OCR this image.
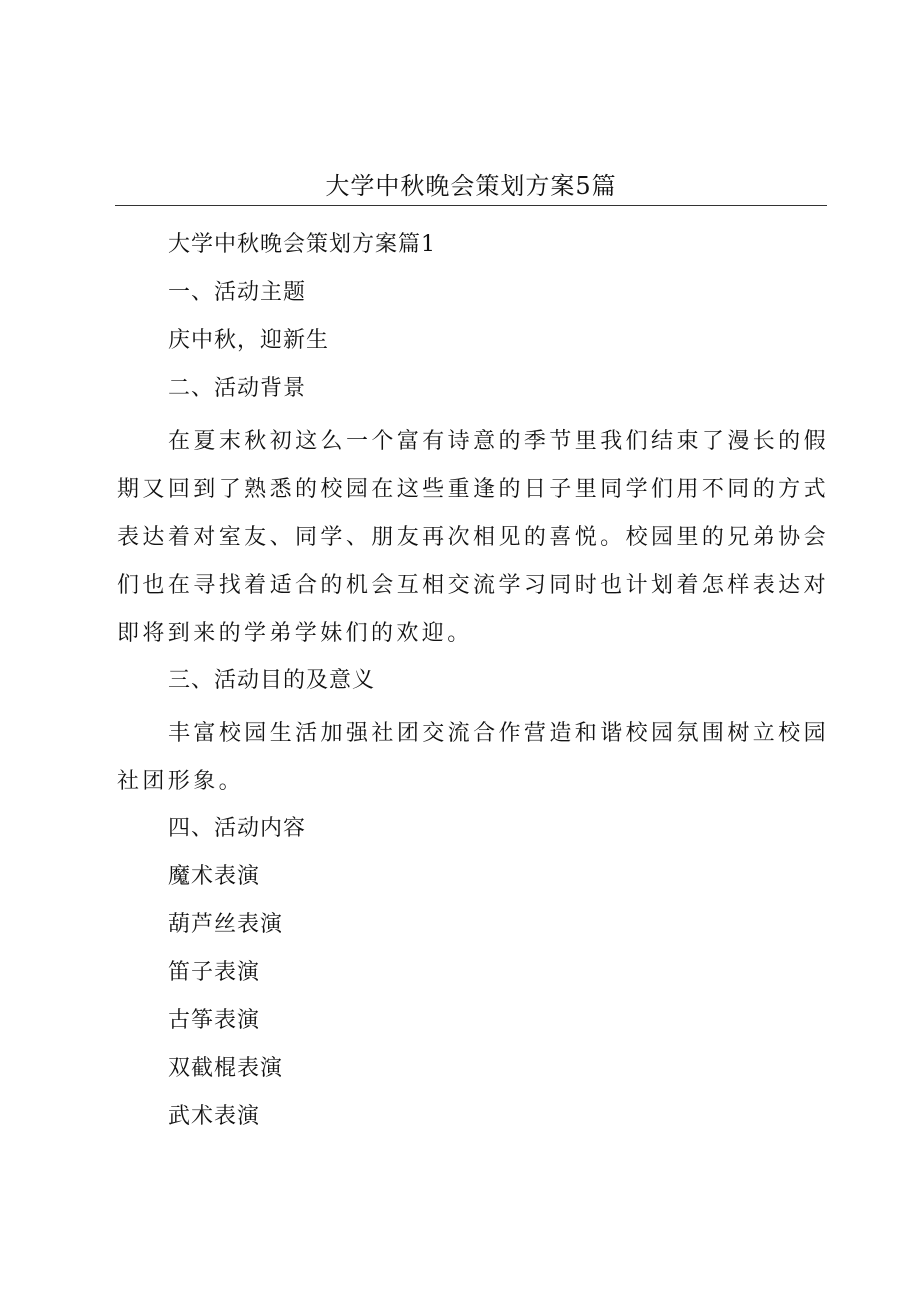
大学中秋晚会策划方案5篇
大学中秋晚会策划方案篇1
一、活动主题
庆中秋，迎新生
二、活动背景
在夏末秋初这么一个富有诗意的季节里我们结束了漫长的假期又回到了熟悉的校园在这些重逢的日子里同学们用不同的方式表达着对室友、同学、朋友再次相见的喜悦。校园里的兄弟协会们也在寻找着适合的机会互相交流学习同时也计划着怎样表达对即将到来的学弟学妹们的欢迎。
三、活动目的及意义
丰富校园生活加强社团交流合作营造和谐校园氛围树立校园社团形象。
四、活动内容
魔术表演
葫芦丝表演
笛子表演
古筝表演
双截棍表演
武术表演
